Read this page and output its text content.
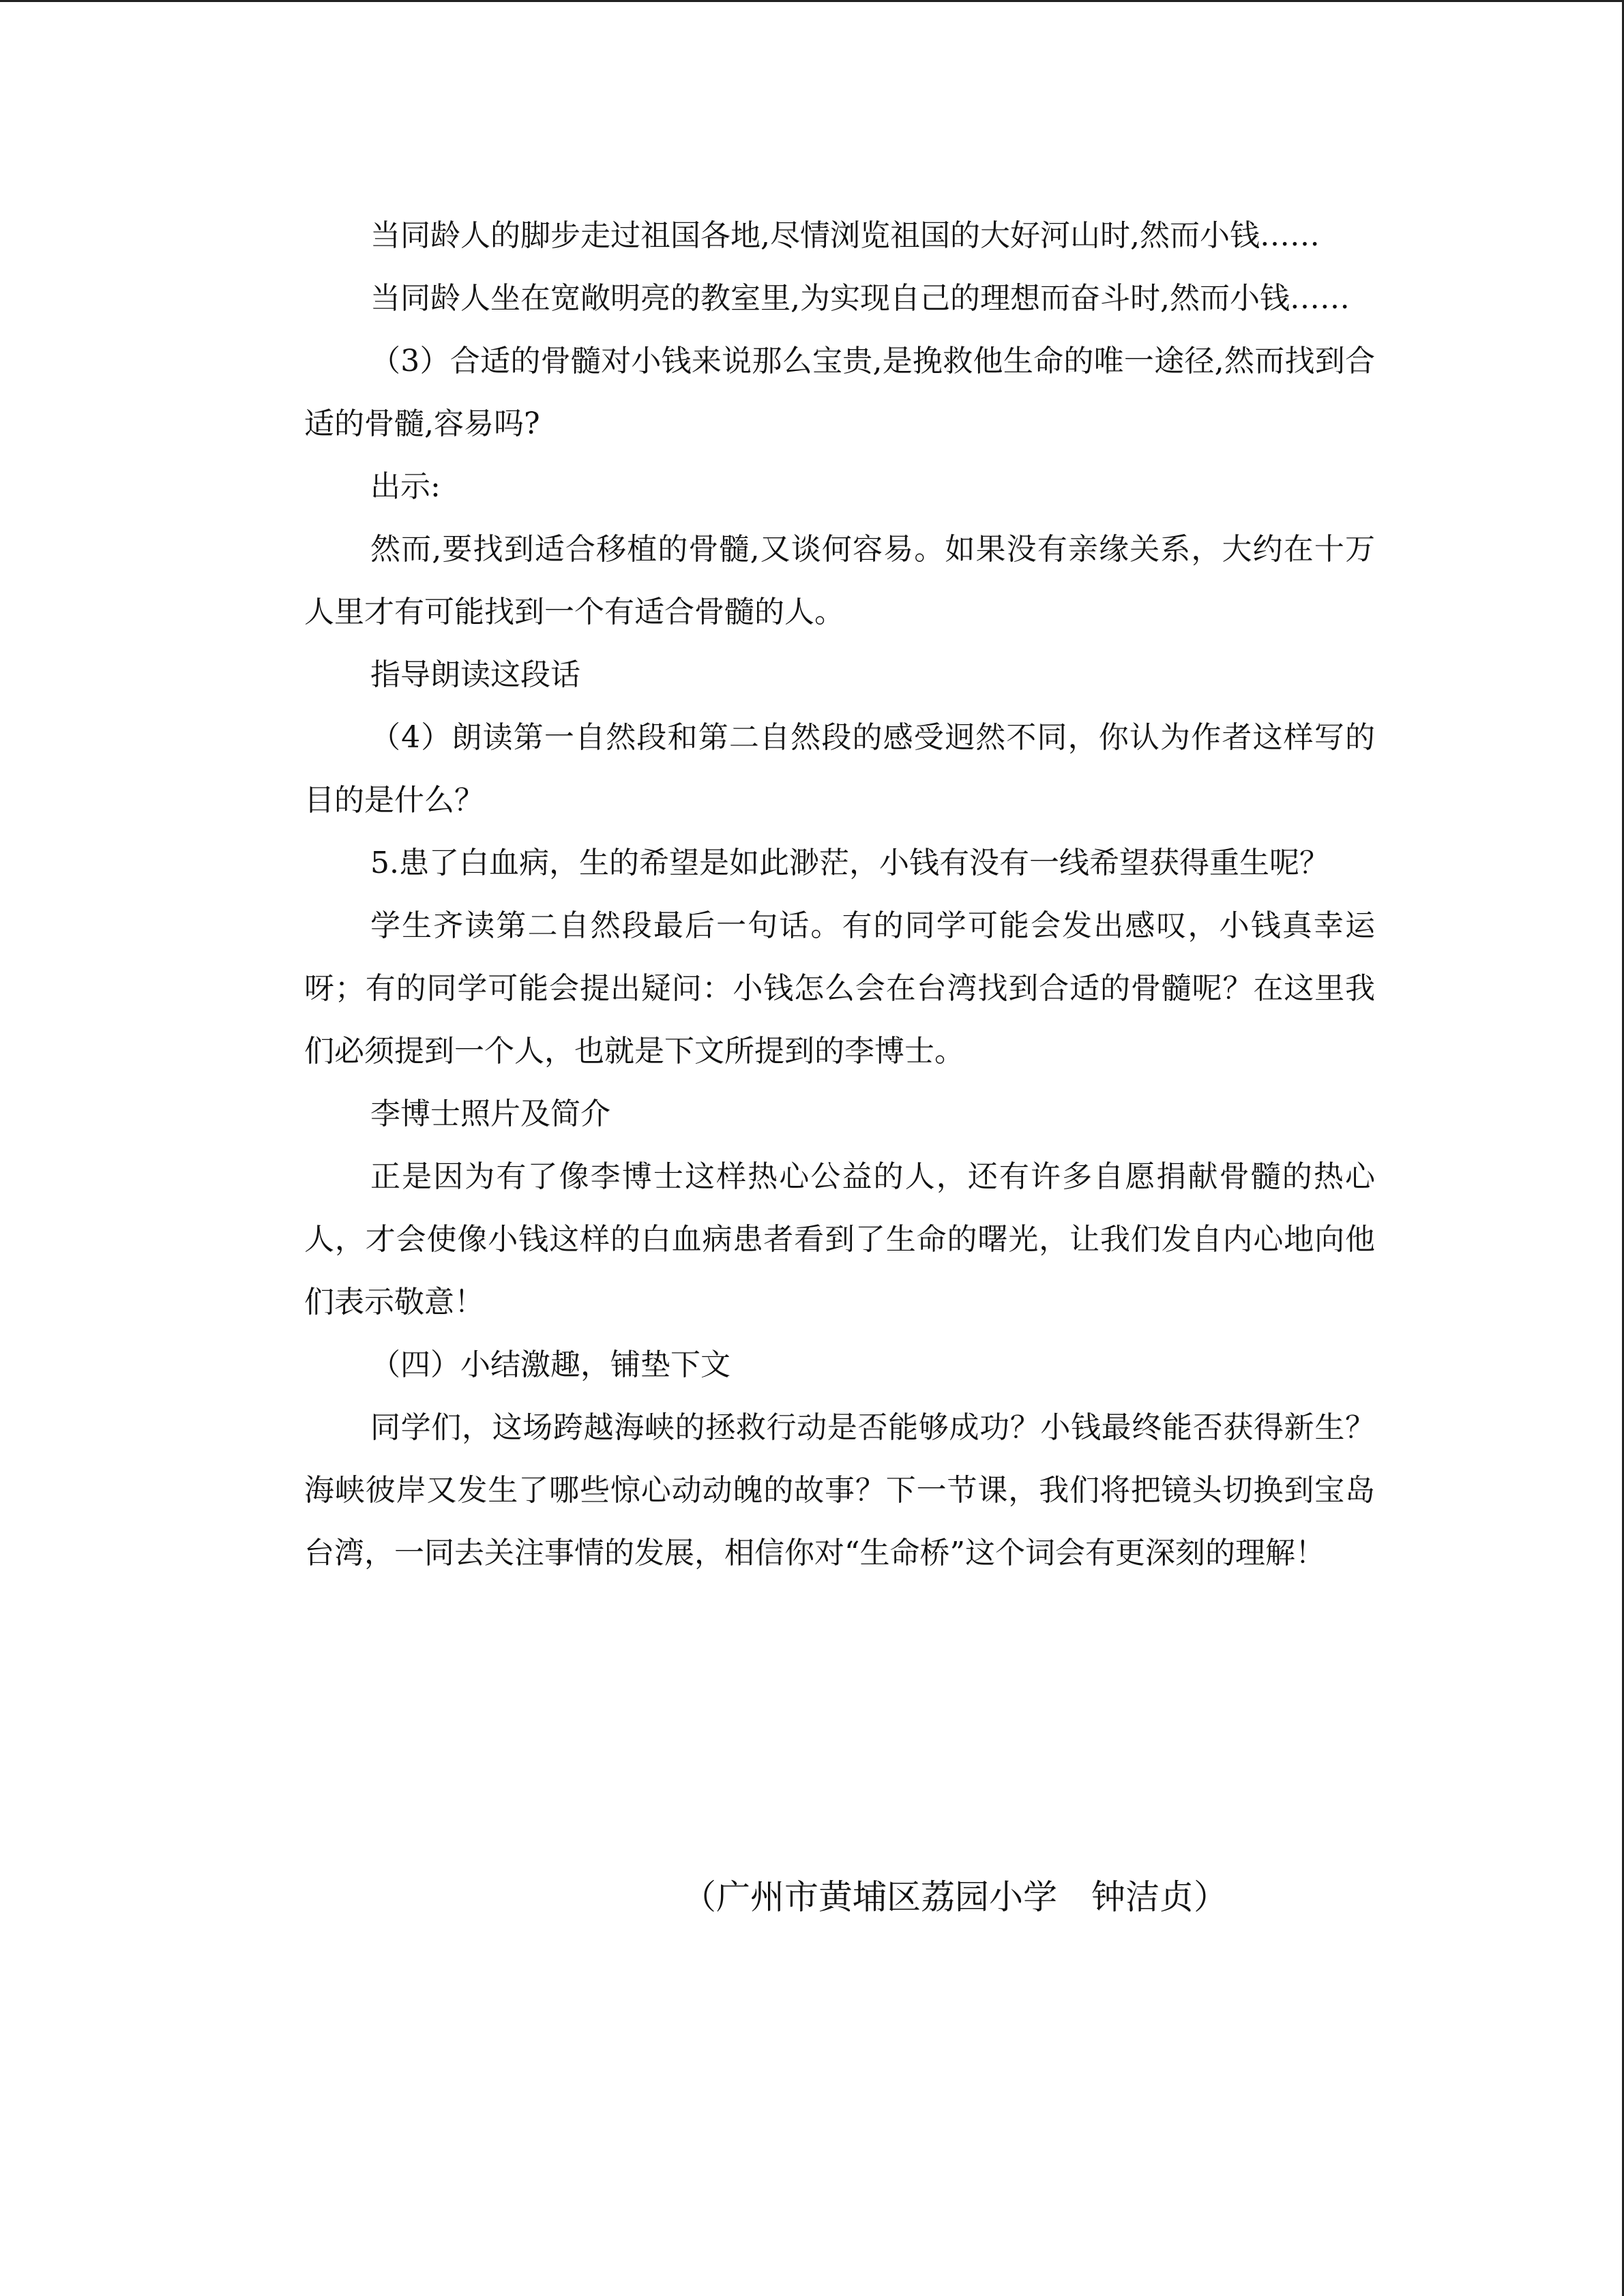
当同龄人的脚步走过祖国各地,尽情浏览祖国的大好河山时,然而小钱……

当同龄人坐在宽敞明亮的教室里,为实现自己的理想而奋斗时,然而小钱……

（3）合适的骨髓对小钱来说那么宝贵,是挽救他生命的唯一途径,然而找到合适的骨髓,容易吗?

出示:

然而,要找到适合移植的骨髓,又谈何容易。如果没有亲缘关系，大约在十万人里才有可能找到一个有适合骨髓的人。

指导朗读这段话

（4）朗读第一自然段和第二自然段的感受迥然不同，你认为作者这样写的目的是什么？

5.患了白血病，生的希望是如此渺茫，小钱有没有一线希望获得重生呢？

学生齐读第二自然段最后一句话。有的同学可能会发出感叹，小钱真幸运呀；有的同学可能会提出疑问：小钱怎么会在台湾找到合适的骨髓呢？在这里我们必须提到一个人，也就是下文所提到的李博士。

李博士照片及简介

正是因为有了像李博士这样热心公益的人，还有许多自愿捐献骨髓的热心人，才会使像小钱这样的白血病患者看到了生命的曙光，让我们发自内心地向他们表示敬意！

（四）小结激趣，铺垫下文

同学们，这场跨越海峡的拯救行动是否能够成功？小钱最终能否获得新生？海峡彼岸又发生了哪些惊心动动魄的故事？下一节课，我们将把镜头切换到宝岛台湾，一同去关注事情的发展，相信你对“生命桥”这个词会有更深刻的理解！

（广州市黄埔区荔园小学　钟洁贞）
